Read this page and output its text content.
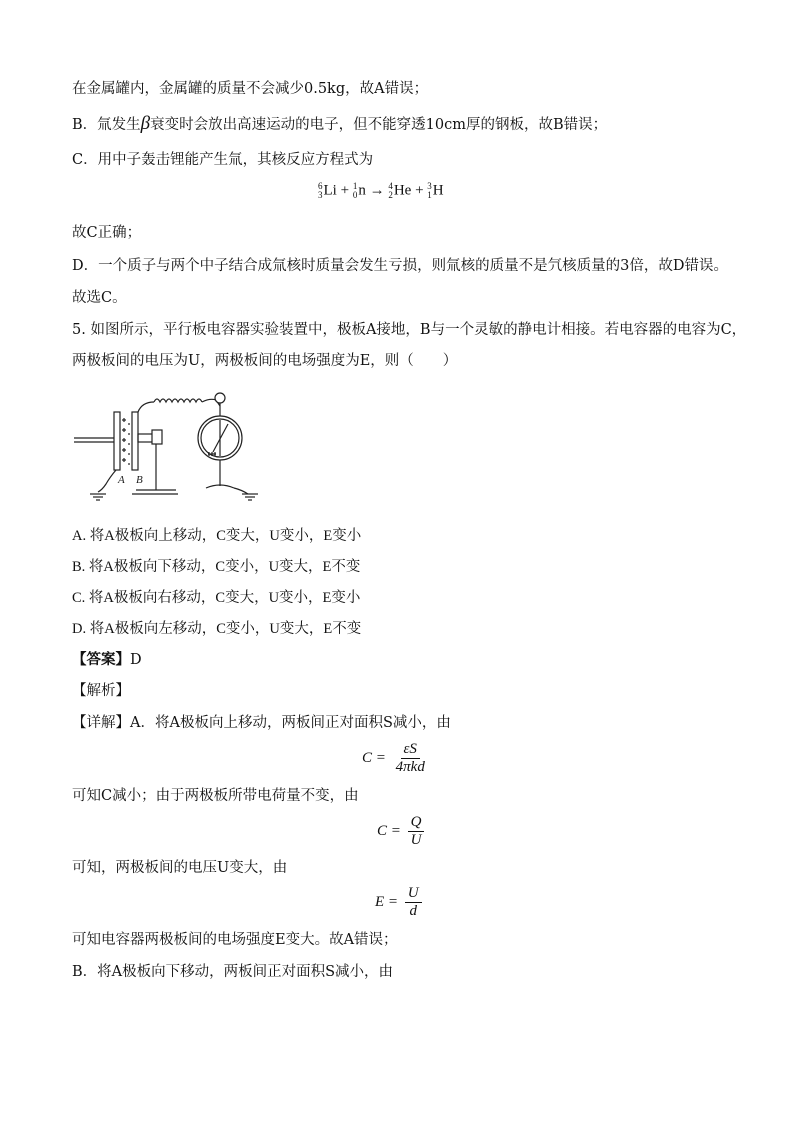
在金属罐内，金属罐的质量不会减少0.5kg，故A错误；
B．氚发生β衰变时会放出高速运动的电子，但不能穿透10cm厚的钢板，故B错误；
C．用中子轰击锂能产生氚，其核反应方程式为
6
3 Li + 1
0 n → 4
2 He + 3
1 H
故C正确；
D．一个质子与两个中子结合成氚核时质量会发生亏损，则氚核的质量不是氕核质量的3倍，故D错误。
故选C。
5. 如图所示，平行板电容器实验装置中，极板A接地，B与一个灵敏的静电计相接。若电容器的电容为C，
两极板间的电压为U，两极板间的电场强度为E，则（　　）
A B
A. 将A极板向上移动，C变大，U变小，E变小
B. 将A极板向下移动，C变小，U变大，E不变
C. 将A极板向右移动，C变大，U变小，E变小
D. 将A极板向左移动，C变小，U变大，E不变
【答案】D
【解析】
【详解】A．将A极板向上移动，两板间正对面积S减小，由
$C = \frac{\varepsilon S}{\text{4πkd}}$
可知C减小；由于两极板所带电荷量不变，由
$C = \frac{Q}{U}$
可知，两极板间的电压U变大，由
$E = \frac{U}{d}$
可知电容器两极板间的电场强度E变大。故A错误；
B．将A极板向下移动，两板间正对面积S减小，由
